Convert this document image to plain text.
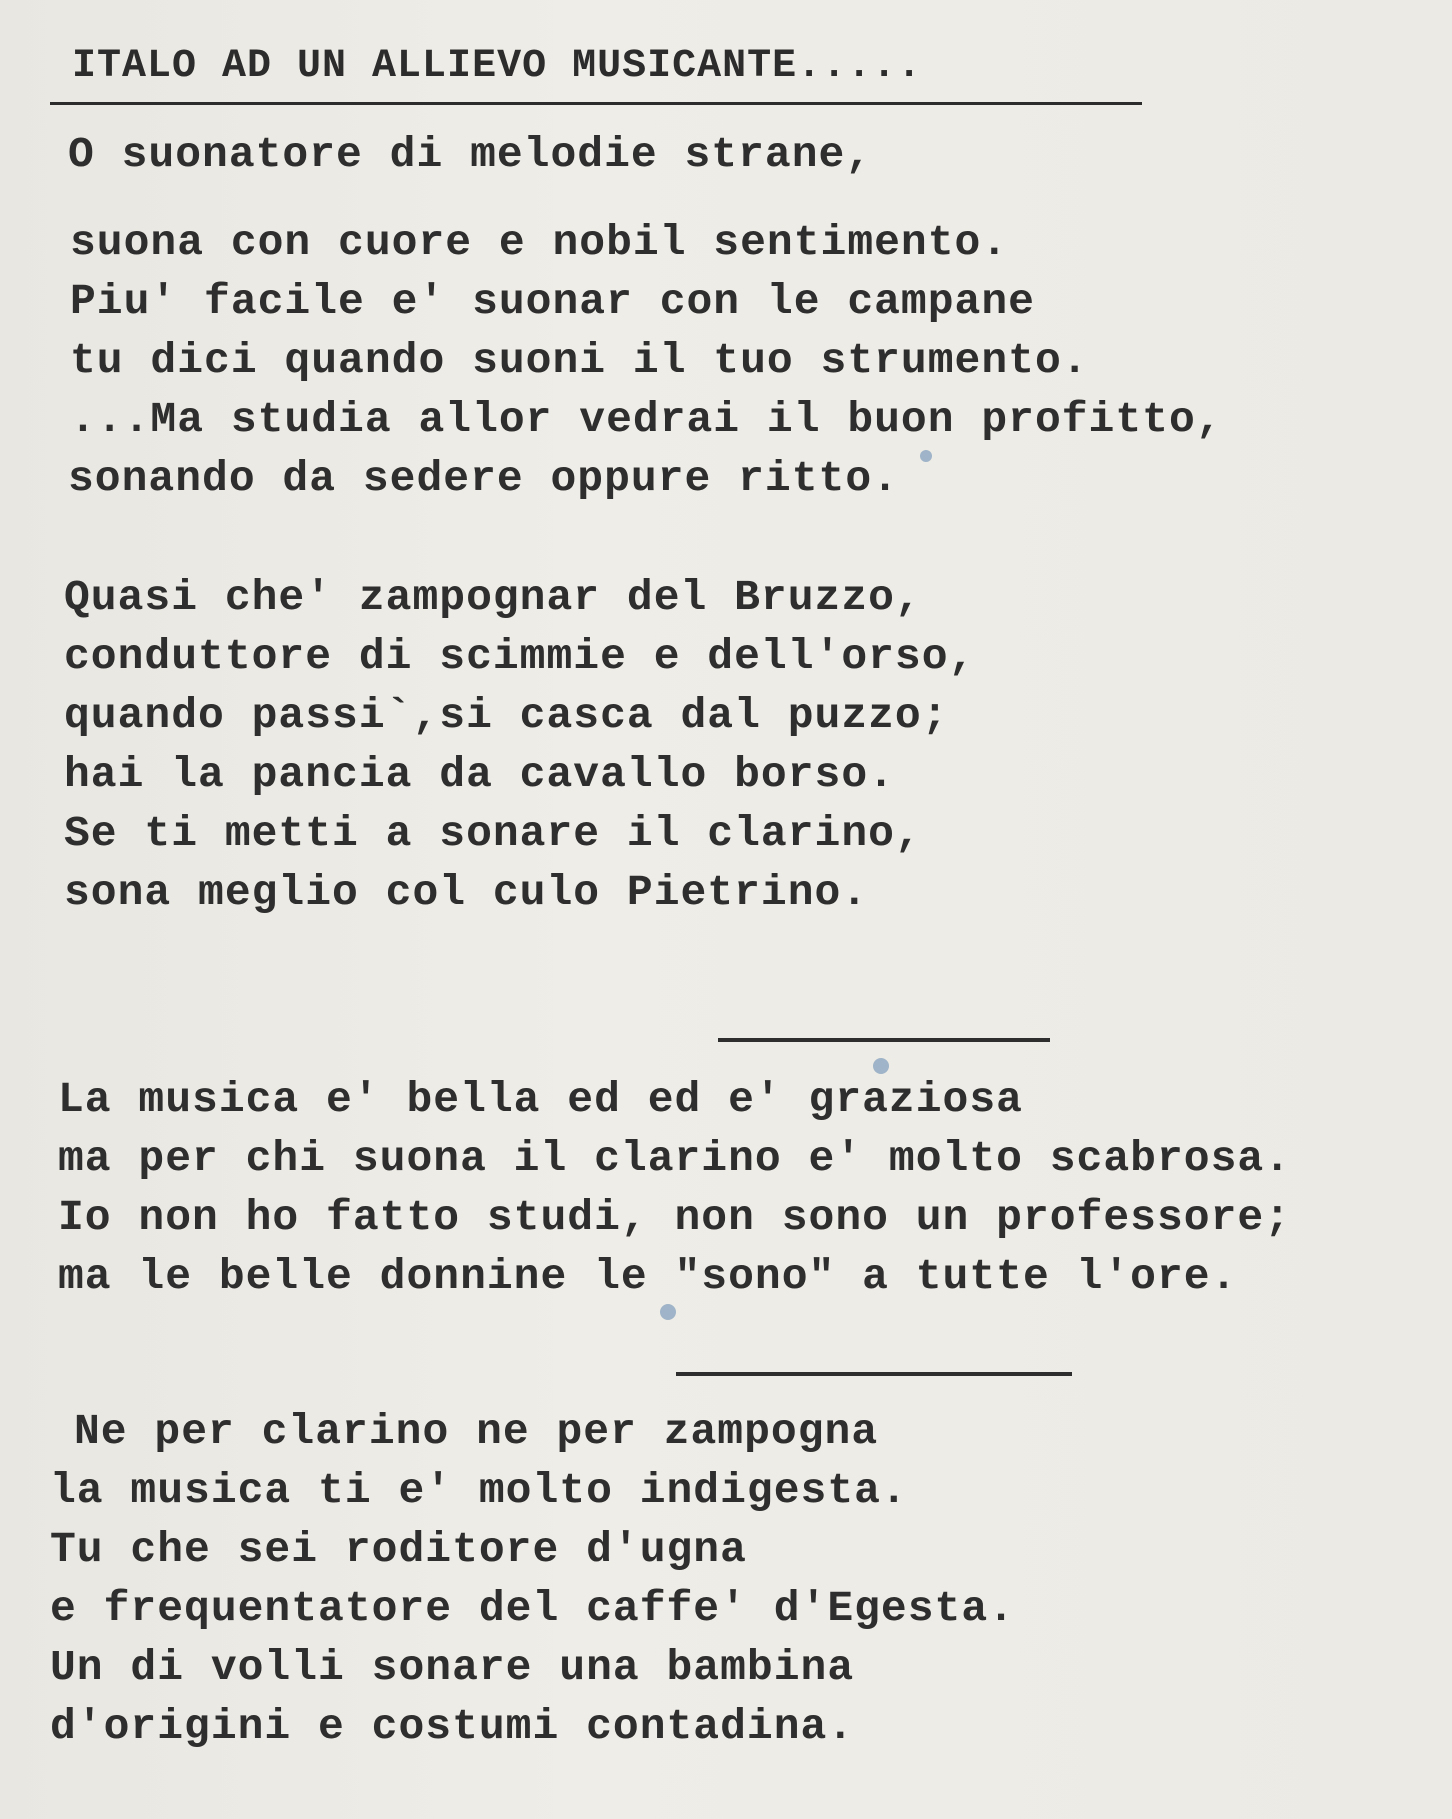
ITALO AD UN ALLIEVO MUSICANTE.....
O suonatore di melodie strane,
suona con cuore e nobil sentimento.
Piu' facile e' suonar con le campane
tu dici quando suoni il tuo strumento.
...Ma studia allor vedrai il buon profitto,
sonando da sedere oppure ritto.
Quasi che' zampognar del Bruzzo,
conduttore di scimmie e dell'orso,
quando passi`,si casca dal puzzo;
hai la pancia da cavallo borso.
Se ti metti a sonare il clarino,
sona meglio col culo Pietrino.
La musica e' bella ed ed e' graziosa
ma per chi suona il clarino e' molto scabrosa.
Io non ho fatto studi, non sono un professore;
ma le belle donnine le "sono" a tutte l'ore.
Ne per clarino ne per zampogna
la musica ti e' molto indigesta.
Tu che sei roditore d'ugna
e frequentatore del caffe' d'Egesta.
Un di volli sonare una bambina
d'origini e costumi contadina.
